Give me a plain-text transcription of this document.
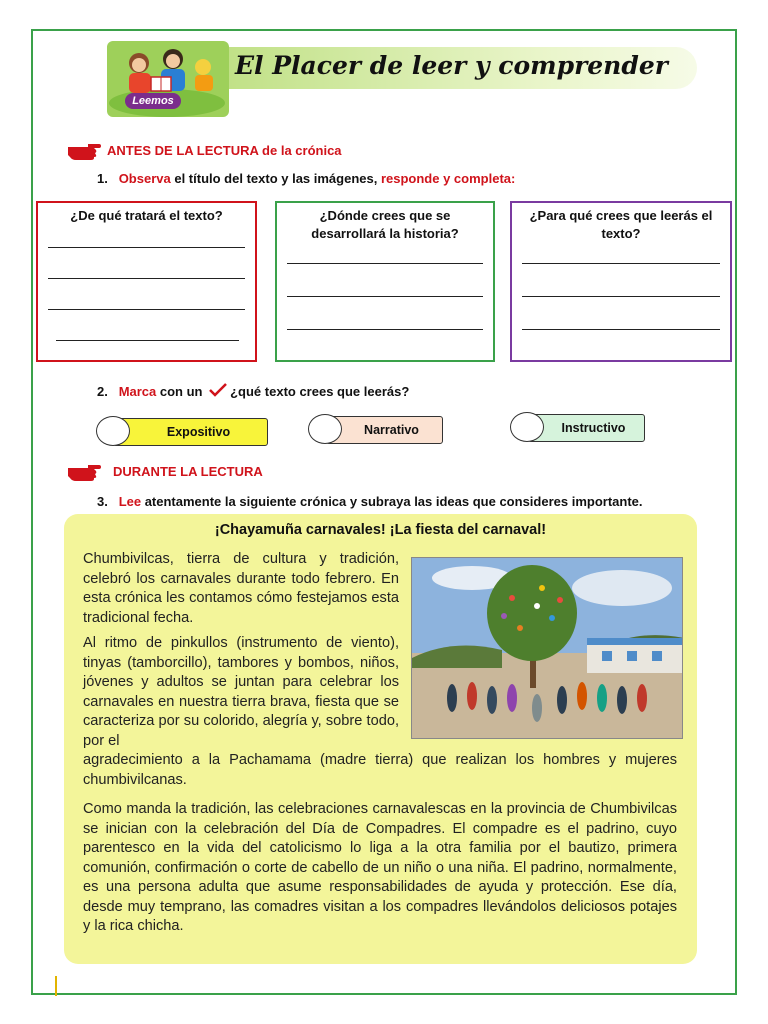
Leemos
El Placer de leer y comprender
ANTES DE LA LECTURA de la crónica
1. Observa el título del texto y las imágenes, responde y completa:
¿De qué tratará el texto?	¿Dónde crees que se desarrollará la historia?
¿Para qué crees que leerás el texto?
2. Marca con un ¿qué texto crees que leerás?
Expositivo	Narrativo	Instructivo
DURANTE LA LECTURA
3. Lee atentamente la siguiente crónica y subraya las ideas que consideres importante.
¡Chayamuña carnavales! ¡La fiesta del carnaval!
Chumbivilcas, tierra de cultura y tradición, celebró los carnavales durante todo febrero. En esta crónica les contamos cómo festejamos esta tradicional fecha.
Al ritmo de pinkullos (instrumento de viento), tinyas (tamborcillo), tambores y bombos, niños, jóvenes y adultos se juntan para celebrar los carnavales en nuestra tierra brava, fiesta que se caracteriza por su colorido, alegría y, sobre todo, por el
agradecimiento a la Pachamama (madre tierra) que realizan los hombres y mujeres chumbivilcanas.
Como manda la tradición, las celebraciones carnavalescas en la provincia de Chumbivilcas se inician con la celebración del Día de Compadres. El compadre es el padrino, cuyo parentesco en la vida del catolicismo lo liga a la otra familia por el bautizo, primera comunión, confirmación o corte de cabello de un niño o una niña. El padrino, normalmente, es una persona adulta que asume responsabilidades de ayuda y protección. Ese día, desde muy temprano, las comadres visitan a los compadres llevándolos deliciosos potajes y la rica chicha.
